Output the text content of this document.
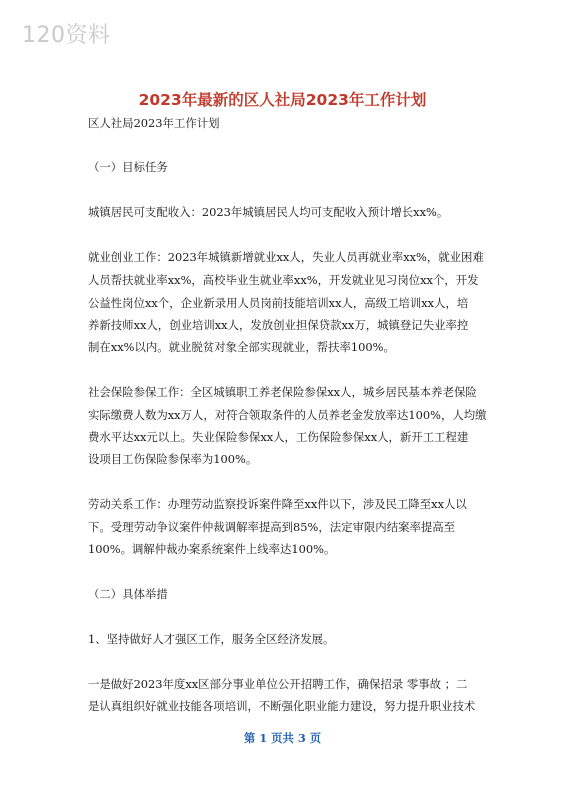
120资料
2023年最新的区人社局2023年工作计划
区人社局2023年工作计划
（一）目标任务
城镇居民可支配收入：2023年城镇居民人均可支配收入预计增长xx%。
就业创业工作：2023年城镇新增就业xx人，失业人员再就业率xx%，就业困难
人员帮扶就业率xx%，高校毕业生就业率xx%，开发就业见习岗位xx个，开发
公益性岗位xx个，企业新录用人员岗前技能培训xx人，高级工培训xx人，培
养新技师xx人，创业培训xx人，发放创业担保贷款xx万，城镇登记失业率控
制在xx%以内。就业脱贫对象全部实现就业，帮扶率100%。
社会保险参保工作：全区城镇职工养老保险参保xx人，城乡居民基本养老保险
实际缴费人数为xx万人，对符合领取条件的人员养老金发放率达100%，人均缴
费水平达xx元以上。失业保险参保xx人，工伤保险参保xx人，新开工工程建
设项目工伤保险参保率为100%。
劳动关系工作：办理劳动监察投诉案件降至xx件以下，涉及民工降至xx人以
下。受理劳动争议案件仲裁调解率提高到85%，法定审限内结案率提高至
100%。调解仲裁办案系统案件上线率达100%。
（二）具体举措
1、坚持做好人才强区工作，服务全区经济发展。
一是做好2023年度xx区部分事业单位公开招聘工作，确保招录 零事故 ；二
是认真组织好就业技能各项培训，不断强化职业能力建设，努力提升职业技术
第 1 页共 3 页
